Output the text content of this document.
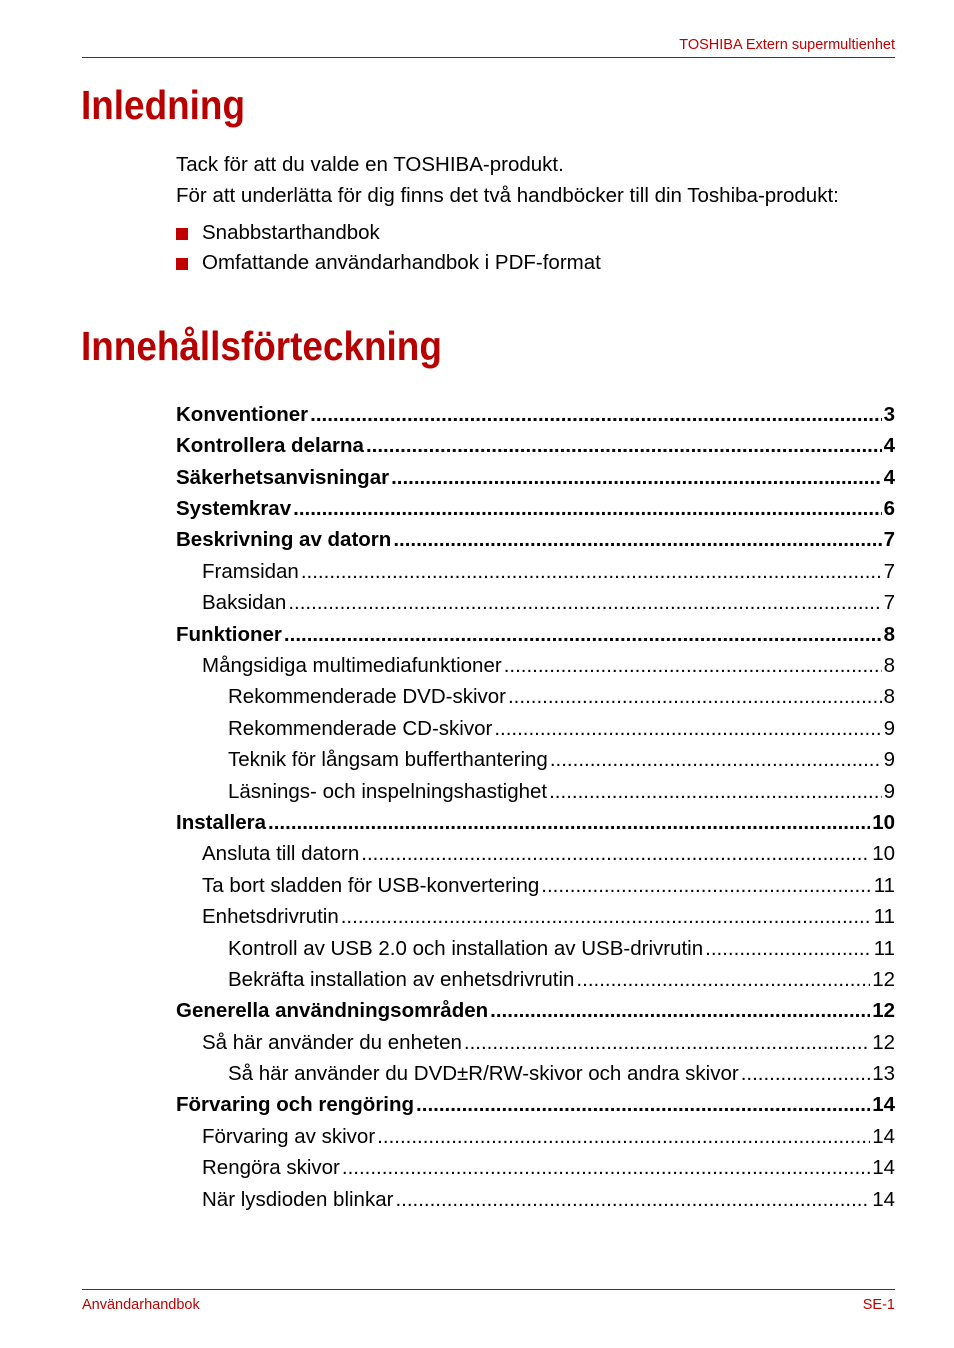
TOSHIBA Extern supermultienhet
Inledning
Tack för att du valde en TOSHIBA-produkt.
För att underlätta för dig finns det två handböcker till din Toshiba-produkt:
Snabbstarthandbok
Omfattande användarhandbok i PDF-format
Innehållsförteckning
Konventioner .....	3
Kontrollera delarna .....	4
Säkerhetsanvisningar .....	4
Systemkrav .....	6
Beskrivning av datorn .....	7
Framsidan .....	7
Baksidan .....	7
Funktioner .....	8
Mångsidiga multimediafunktioner .....	8
Rekommenderade DVD-skivor .....	8
Rekommenderade CD-skivor .....	9
Teknik för långsam bufferthantering .....	9
Läsnings- och inspelningshastighet .....	9
Installera .....	10
Ansluta till datorn .....	10
Ta bort sladden för USB-konvertering .....	11
Enhetsdrivrutin .....	11
Kontroll av USB 2.0 och installation av USB-drivrutin .....	11
Bekräfta installation av enhetsdrivrutin .....	12
Generella användningsområden .....	12
Så här använder du enheten .....	12
Så här använder du DVD±R/RW-skivor och andra skivor .....	13
Förvaring och rengöring .....	14
Förvaring av skivor .....	14
Rengöra skivor .....	14
När lysdioden blinkar .....	14
Användarhandbok	SE-1
